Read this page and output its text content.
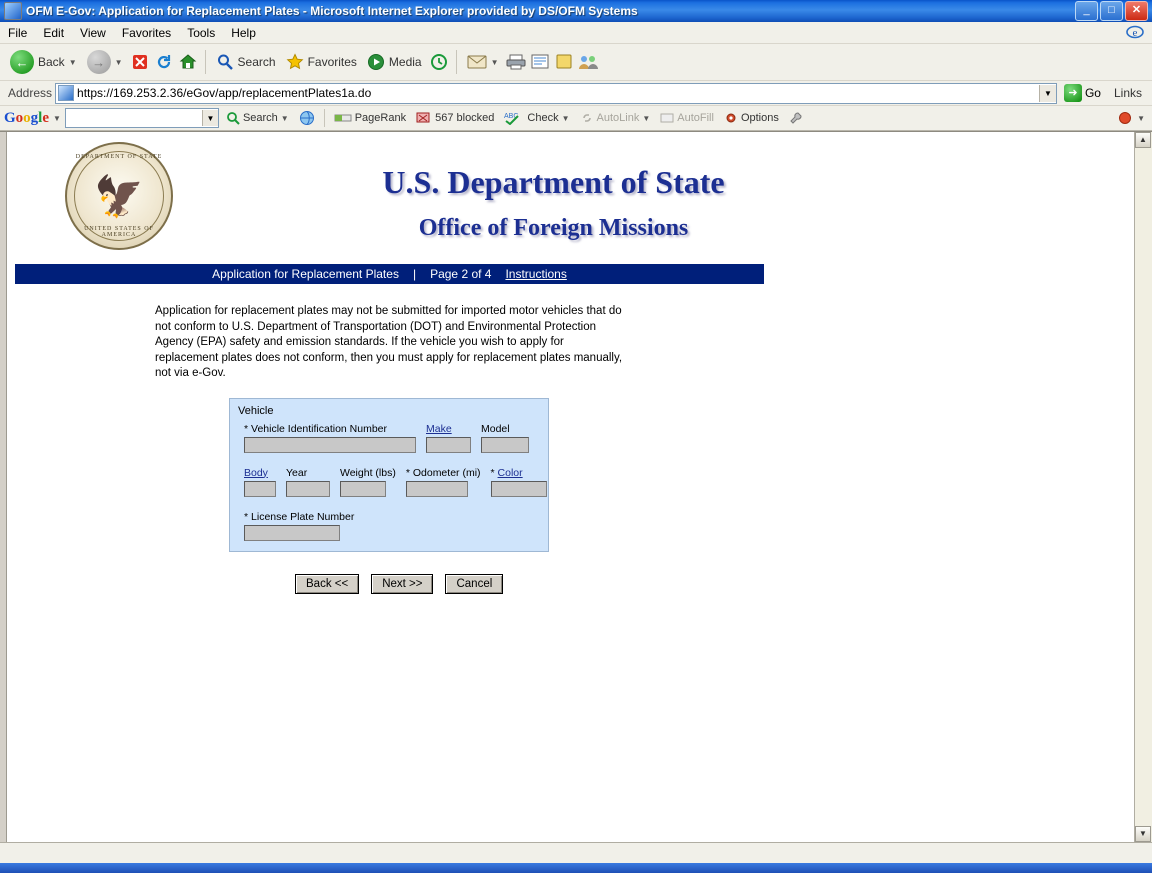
OFM E-Gov: Application for Replacement Plates - Microsoft Internet Explorer provided by DS/OFM Systems	_	□	✕
File	Edit	View	Favorites	Tools	Help	e
← Back ▼	→	▼	Search	Favorites	Media	▼
Address https://169.253.2.36/eGov/app/replacementPlates1a.do	▼	➜ Go	Links
Google ▼	▼	Search ▼	PageRank	567 blocked ABC Check ▼ AutoLink ▼ AutoFill Options	▼
DEPARTMENT OF STATE
🦅
UNITED STATES OF AMERICA
U.S. Department of State
Office of Foreign Missions
Application for Replacement Plates | Page 2 of 4 Instructions
Application for replacement plates may not be submitted for imported motor vehicles that do not conform to U.S. Department of Transportation (DOT) and Environmental Protection Agency (EPA) safety and emission standards. If the vehicle you wish to apply for replacement plates does not conform, then you must apply for replacement plates manually, not via e-Gov.
Vehicle
* Vehicle Identification Number	Make	Model
Body	Year	Weight (lbs) * Odometer (mi) * Color
* License Plate Number
Back <<	Next >>	Cancel
▲
▼
